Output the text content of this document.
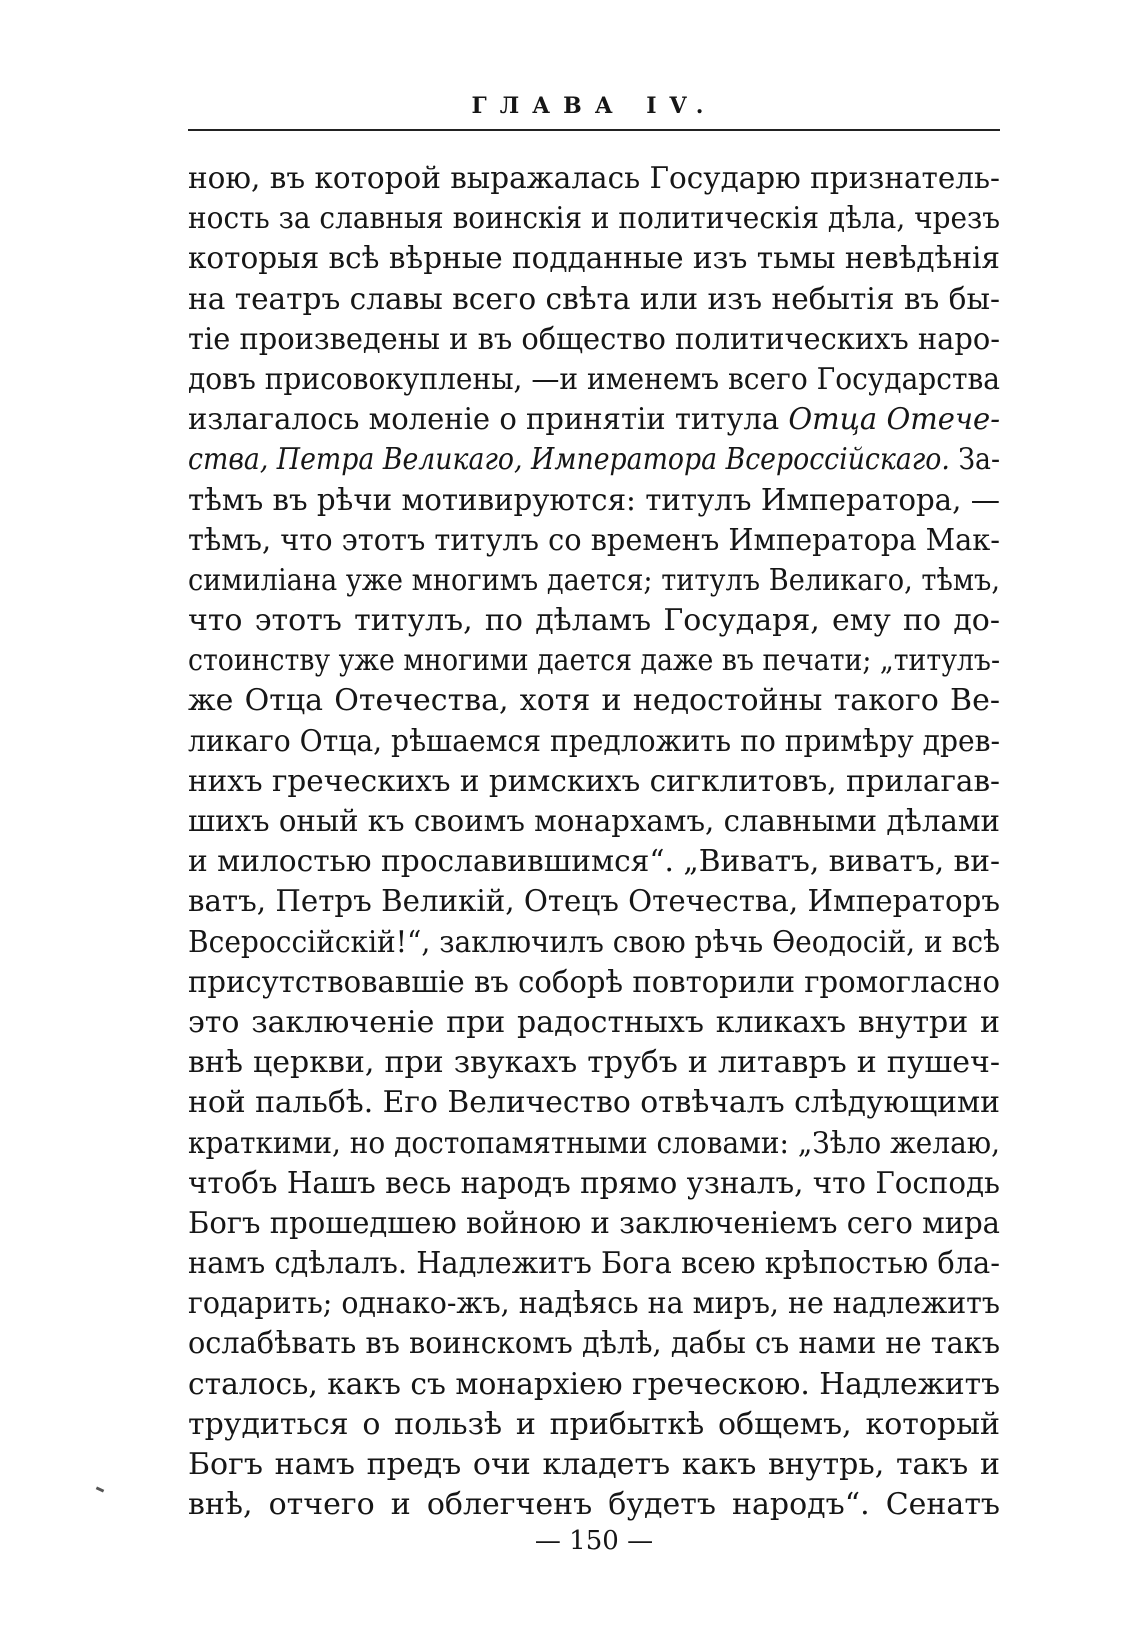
ГЛАВА IV.
ною, въ которой выражалась Государю признатель-
ность за славныя воинскія и политическія дѣла, чрезъ
которыя всѣ вѣрные подданные изъ тьмы невѣдѣнія
на театръ славы всего свѣта или изъ небытія въ бы-
тіе произведены и въ общество политическихъ наро-
довъ присовокуплены, —и именемъ всего Государства
излагалось моленіе о принятіи титула Отца Отече-
ства, Петра Великаго, Императора Всероссійскаго. За-
тѣмъ въ рѣчи мотивируются: титулъ Императора, —
тѣмъ, что этотъ титулъ со временъ Императора Мак-
симиліана уже многимъ дается; титулъ Великаго, тѣмъ,
что этотъ титулъ, по дѣламъ Государя, ему по до-
стоинству уже многими дается даже въ печати; „титулъ-
же Отца Отечества, хотя и недостойны такого Ве-
ликаго Отца, рѣшаемся предложить по примѣру древ-
нихъ греческихъ и римскихъ сигклитовъ, прилагав-
шихъ оный къ своимъ монархамъ, славными дѣлами
и милостью прославившимся“. „Виватъ, виватъ, ви-
ватъ, Петръ Великій, Отецъ Отечества, Императоръ
Всероссійскій!“, заключилъ свою рѣчь Ѳеодосій, и всѣ
присутствовавшіе въ соборѣ повторили громогласно
это заключеніе при радостныхъ кликахъ внутри и
внѣ церкви, при звукахъ трубъ и литавръ и пушеч-
ной пальбѣ. Его Величество отвѣчалъ слѣдующими
краткими, но достопамятными словами: „Зѣло желаю,
чтобъ Нашъ весь народъ прямо узналъ, что Господь
Богъ прошедшею войною и заключеніемъ сего мира
намъ сдѣлалъ. Надлежитъ Бога всею крѣпостью бла-
годарить; однако-жъ, надѣясь на миръ, не надлежитъ
ослабѣвать въ воинскомъ дѣлѣ, дабы съ нами не такъ
сталось, какъ съ монархіею греческою. Надлежитъ
трудиться о пользѣ и прибыткѣ общемъ, который
Богъ намъ предъ очи кладетъ какъ внутрь, такъ и
внѣ, отчего и облегченъ будетъ народъ“. Сенатъ
— 150 —
